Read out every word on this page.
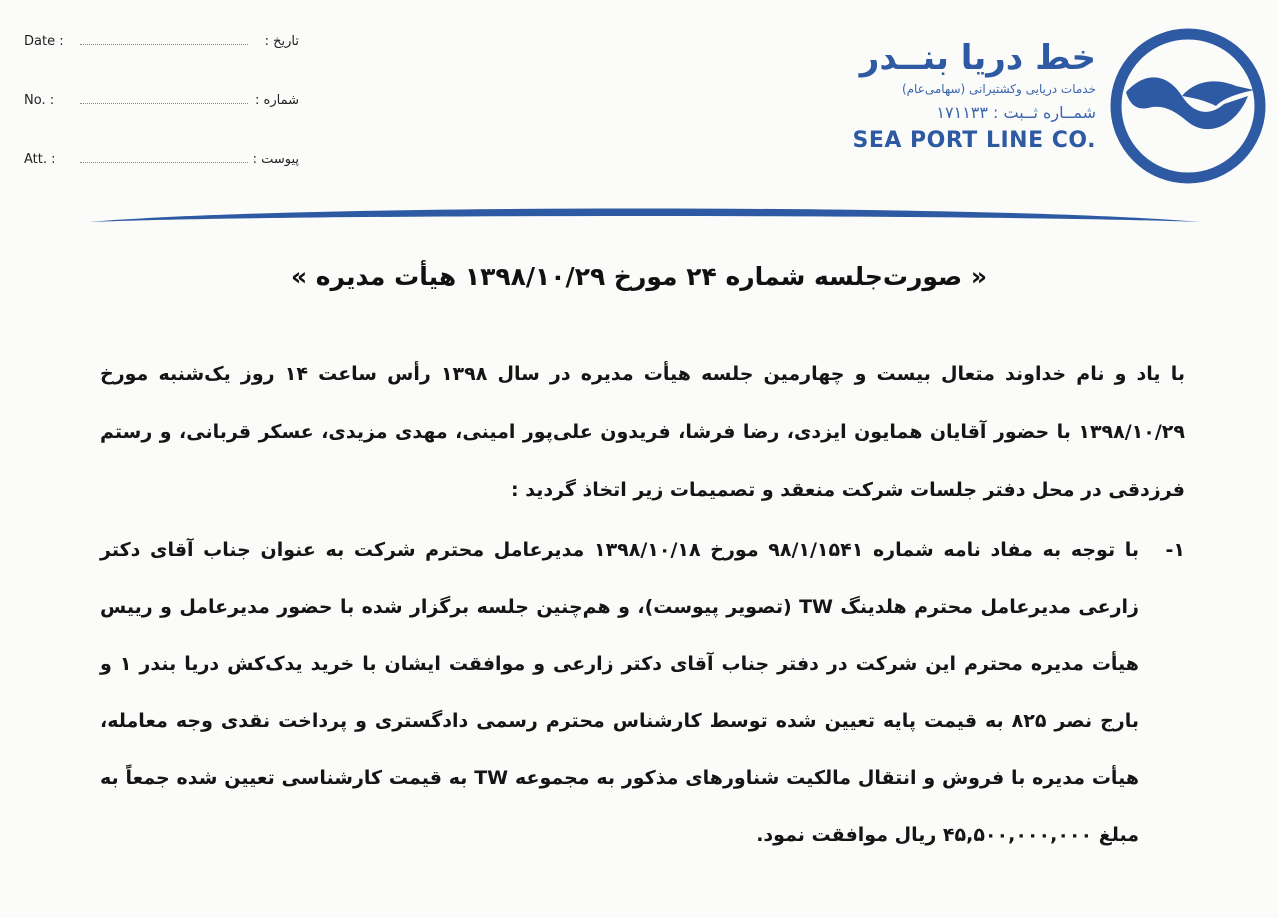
Date :	تاریخ :
No. :	شماره :
Att. :	پیوست :
خط دریا بنــدر
خدمات دریایی وکشتیرانی (سهامی‌عام)
شمــاره ثــبت : ۱۷۱۱۳۳
SEA PORT LINE CO.
« صورت‌جلسه شماره ۲۴ مورخ ۱۳۹۸/۱۰/۲۹ هیأت مدیره »
با یاد و نام خداوند متعال بیست و چهارمین جلسه هیأت مدیره در سال ۱۳۹۸ رأس ساعت ۱۴ روز یک‌شنبه مورخ ۱۳۹۸/۱۰/۲۹ با حضور آقایان همایون ایزدی، رضا فرشا، فریدون علی‌پور امینی، مهدی مزیدی، عسکر قربانی، و رستم فرزدقی در محل دفتر جلسات شرکت منعقد و تصمیمات زیر اتخاذ گردید :
۱-
با توجه به مفاد نامه شماره ۹۸/۱/۱۵۴۱ مورخ ۱۳۹۸/۱۰/۱۸ مدیرعامل محترم شرکت به عنوان جناب آقای دکتر زارعی مدیرعامل محترم هلدینگ TW (تصویر پیوست)، و هم‌چنین جلسه برگزار شده با حضور مدیرعامل و رییس هیأت مدیره محترم این شرکت در دفتر جناب آقای دکتر زارعی و موافقت ایشان با خرید یدک‌کش دریا بندر ۱ و بارج نصر ۸۲۵ به قیمت پایه تعیین شده توسط کارشناس محترم رسمی دادگستری و پرداخت نقدی وجه معامله، هیأت مدیره با فروش و انتقال مالکیت شناورهای مذکور به مجموعه TW به قیمت کارشناسی تعیین شده جمعاً به مبلغ ۴۵,۵۰۰,۰۰۰,۰۰۰ ریال موافقت نمود.
